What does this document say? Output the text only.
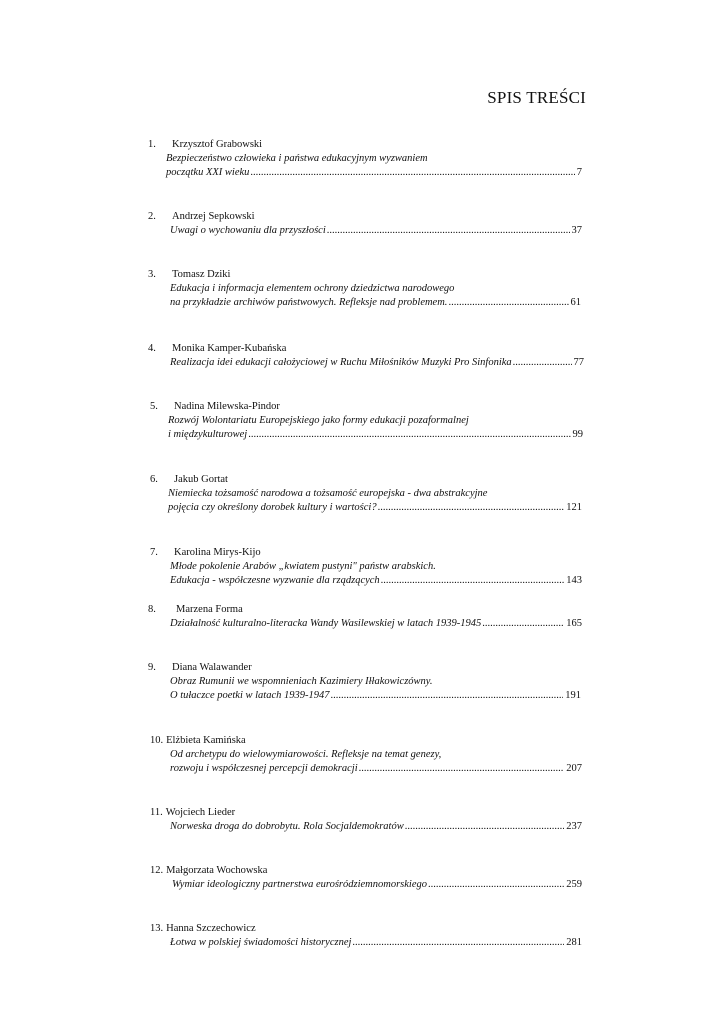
SPIS TREŚCI
1. Krzysztof Grabowski
Bezpieczeństwo człowieka i państwa edukacyjnym wyzwaniem
początku XXI wieku .....	7
2. Andrzej Sepkowski
Uwagi o wychowaniu dla przyszłości .....	37
3. Tomasz Dziki
Edukacja i informacja elementem ochrony dziedzictwa narodowego
na przykładzie archiwów państwowych. Refleksje nad problemem. .....	61
4. Monika Kamper-Kubańska
Realizacja idei edukacji całożyciowej w Ruchu Miłośników Muzyki Pro Sinfonika .....	77
5. Nadina Milewska-Pindor
Rozwój Wolontariatu Europejskiego jako formy edukacji pozaformalnej
i międzykulturowej .....	99
6. Jakub Gortat
Niemiecka tożsamość narodowa a tożsamość europejska - dwa abstrakcyjne
pojęcia czy określony dorobek kultury i wartości? .....	121
7. Karolina Mirys-Kijo
Młode pokolenie Arabów „kwiatem pustyni" państw arabskich.
Edukacja - współczesne wyzwanie dla rządzących .....	143
8. Marzena Forma
Działalność kulturalno-literacka Wandy Wasilewskiej w latach 1939-1945 .....	165
9. Diana Walawander
Obraz Rumunii we wspomnieniach Kazimiery Iłłakowiczówny.
O tułaczce poetki w latach 1939-1947 .....	191
10. Elżbieta Kamińska
Od archetypu do wielowymiarowości. Refleksje na temat genezy,
rozwoju i współczesnej percepcji demokracji .....	207
11. Wojciech Lieder
Norweska droga do dobrobytu. Rola Socjaldemokratów .....	237
12. Małgorzata Wochowska
Wymiar ideologiczny partnerstwa eurośródziemnomorskiego .....	259
13. Hanna Szczechowicz
Łotwa w polskiej świadomości historycznej .....	281
